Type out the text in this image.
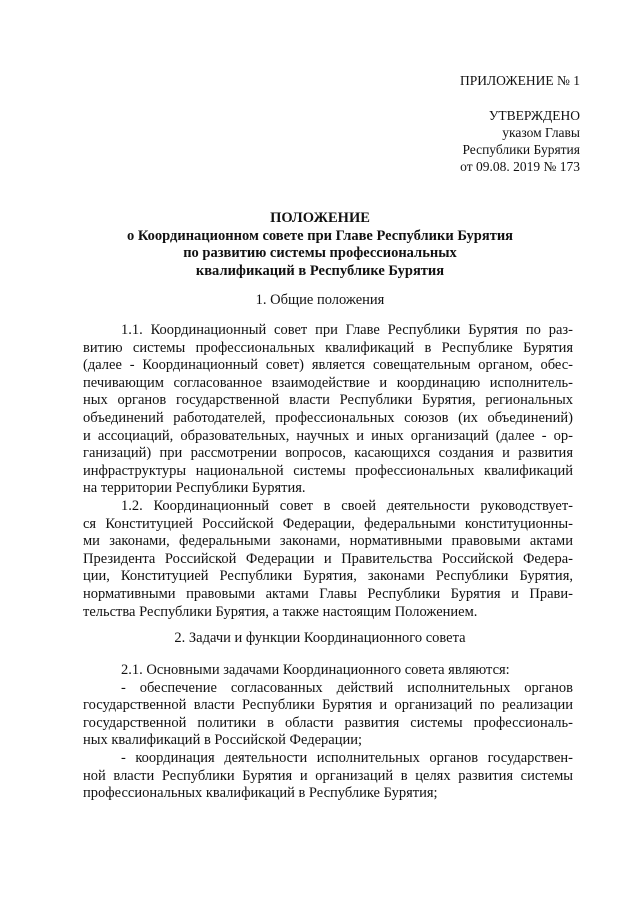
ПРИЛОЖЕНИЕ № 1
УТВЕРЖДЕНО
указом Главы
Республики Бурятия
от 09.08. 2019 № 173
ПОЛОЖЕНИЕ
о Координационном совете при Главе Республики Бурятия
по развитию системы профессиональных
квалификаций в Республике Бурятия
1. Общие положения
1.1. Координационный совет при Главе Республики Бурятия по раз-
витию системы профессиональных квалификаций в Республике Бурятия
(далее - Координационный совет) является совещательным органом, обес-
печивающим согласованное взаимодействие и координацию исполнитель-
ных органов государственной власти Республики Бурятия, региональных
объединений работодателей, профессиональных союзов (их объединений)
и ассоциаций, образовательных, научных и иных организаций (далее - ор-
ганизаций) при рассмотрении вопросов, касающихся создания и развития
инфраструктуры национальной системы профессиональных квалификаций
на территории Республики Бурятия.
1.2. Координационный совет в своей деятельности руководствует-
ся Конституцией Российской Федерации, федеральными конституционны-
ми законами, федеральными законами, нормативными правовыми актами
Президента Российской Федерации и Правительства Российской Федера-
ции, Конституцией Республики Бурятия, законами Республики Бурятия,
нормативными правовыми актами Главы Республики Бурятия и Прави-
тельства Республики Бурятия, а также настоящим Положением.
2. Задачи и функции Координационного совета
2.1. Основными задачами Координационного совета являются:
- обеспечение согласованных действий исполнительных органов
государственной власти Республики Бурятия и организаций по реализации
государственной политики в области развития системы профессиональ-
ных квалификаций в Российской Федерации;
- координация деятельности исполнительных органов государствен-
ной власти Республики Бурятия и организаций в целях развития системы
профессиональных квалификаций в Республике Бурятия;
